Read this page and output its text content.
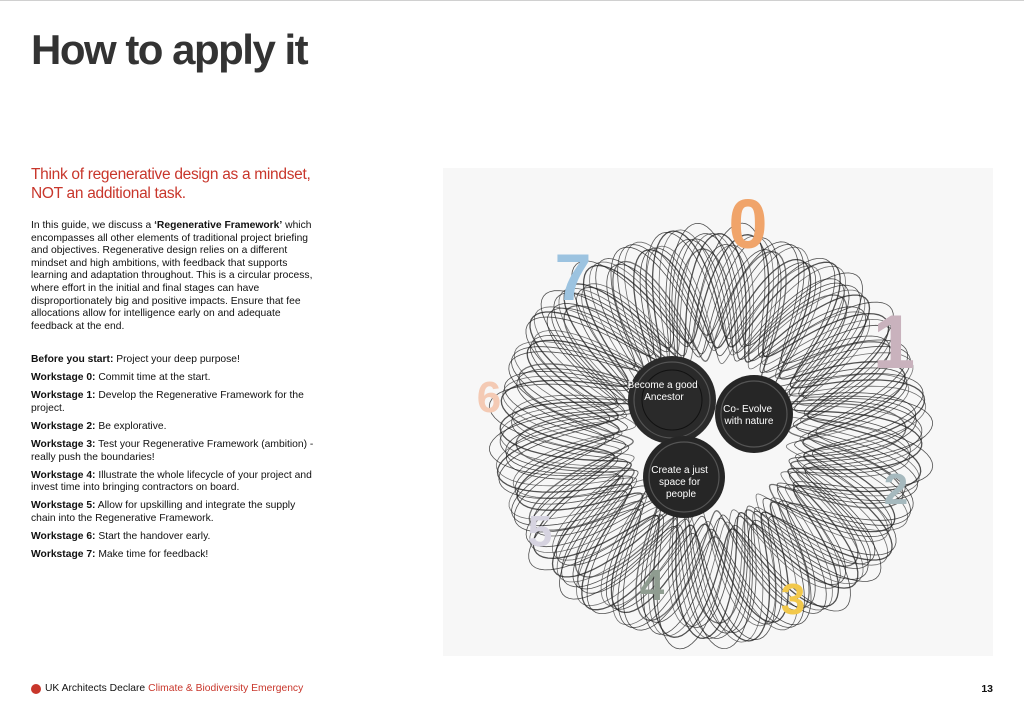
How to apply it
Think of regenerative design as a mindset,
NOT an additional task.

In this guide, we discuss a ‘Regenerative Framework’ which encompasses all other elements of traditional project briefing and objectives. Regenerative design relies on a different mindset and high ambitions, with feedback that supports learning and adaptation throughout. This is a circular process, where effort in the initial and final stages can have disproportionately big and positive impacts. Ensure that fee allocations allow for intelligence early on and adequate feedback at the end.

Before you start: Project your deep purpose!

Workstage 0: Commit time at the start.

Workstage 1: Develop the Regenerative Framework for the project.

Workstage 2: Be explorative.

Workstage 3: Test your Regenerative Framework (ambition) - really push the boundaries!

Workstage 4: Illustrate the whole lifecycle of your project and invest time into bringing contractors on board.

Workstage 5: Allow for upskilling and integrate the supply chain into the Regenerative Framework.

Workstage 6: Start the handover early.

Workstage 7: Make time for feedback!

Become a good Ancestor
Co- Evolve with nature
Create a just space for people
0
1
2
3
4
5
6
7
UK Architects Declare Climate & Biodiversity Emergency	13
